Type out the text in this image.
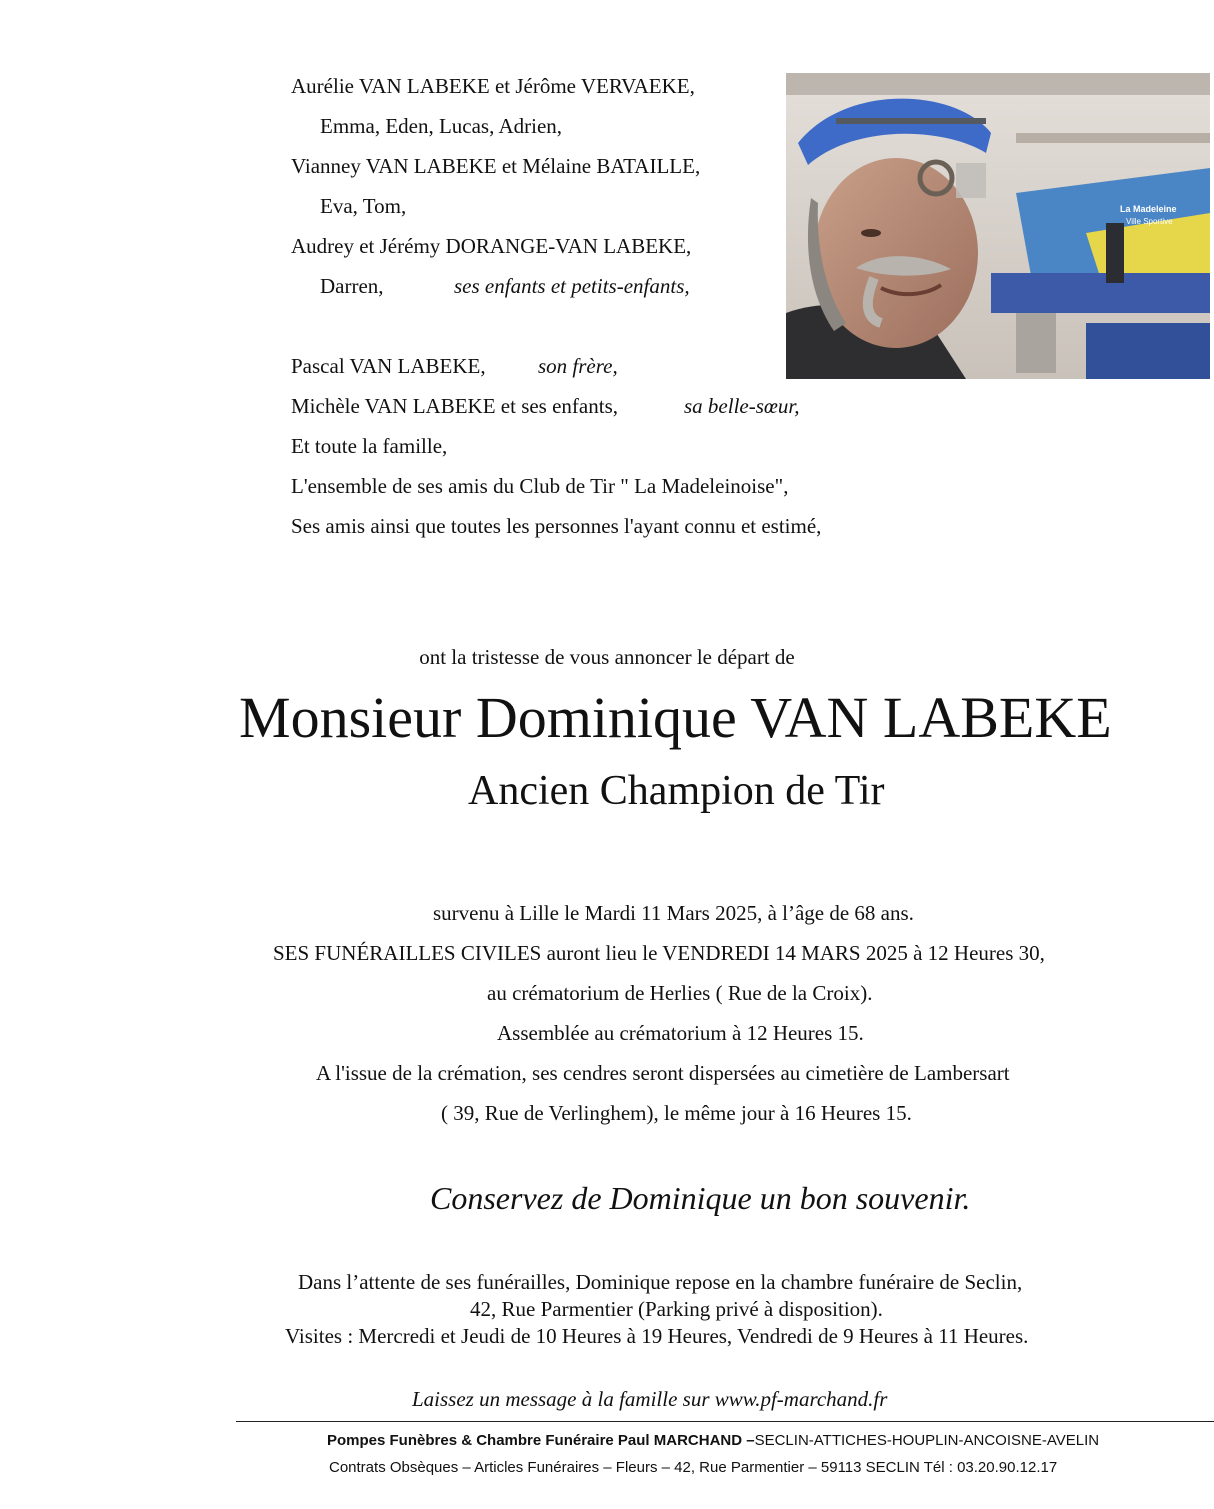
Aurélie VAN LABEKE et Jérôme VERVAEKE,
Emma, Eden, Lucas, Adrien,
Vianney VAN LABEKE et Mélaine BATAILLE,
Eva, Tom,
Audrey et Jérémy DORANGE-VAN LABEKE,
Darren,	ses enfants et petits-enfants,
Pascal VAN LABEKE, son frère,
Michèle VAN LABEKE et ses enfants,	sa belle-sœur,
Et toute la famille,
L'ensemble de ses amis du Club de Tir " La Madeleinoise",
Ses amis ainsi que toutes les personnes l'ayant connu et estimé,
La Madeleine
Ville Sportive
ont la tristesse de vous annoncer le départ de
Monsieur Dominique VAN LABEKE
Ancien Champion de Tir
survenu à Lille le Mardi 11 Mars 2025, à l’âge de 68 ans.
SES FUNÉRAILLES CIVILES auront lieu le VENDREDI 14 MARS 2025 à 12 Heures 30,
au crématorium de Herlies ( Rue de la Croix).
Assemblée au crématorium à 12 Heures 15.
A l'issue de la crémation, ses cendres seront dispersées au cimetière de Lambersart
( 39, Rue de Verlinghem), le même jour à 16 Heures 15.
Conservez de Dominique un bon souvenir.
Dans l’attente de ses funérailles, Dominique repose en la chambre funéraire de Seclin,
42, Rue Parmentier (Parking privé à disposition).
Visites : Mercredi et Jeudi de 10 Heures à 19 Heures, Vendredi de 9 Heures à 11 Heures.
Laissez un message à la famille sur www.pf-marchand.fr
Pompes Funèbres & Chambre Funéraire Paul MARCHAND –SECLIN-ATTICHES-HOUPLIN-ANCOISNE-AVELIN
Contrats Obsèques – Articles Funéraires – Fleurs – 42, Rue Parmentier – 59113 SECLIN Tél : 03.20.90.12.17
